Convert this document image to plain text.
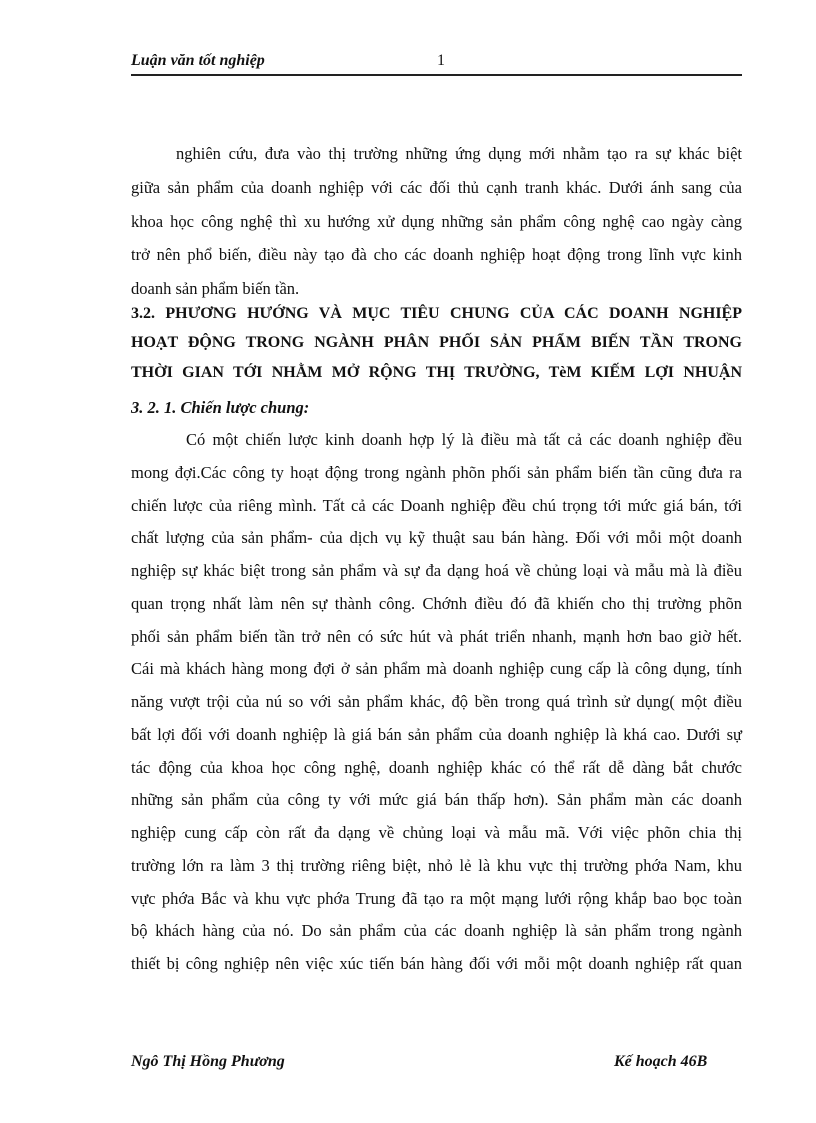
Luận văn tốt nghiệp	1
nghiên cứu, đưa vào thị trường những ứng dụng mới nhằm tạo ra sự khác biệt
giữa sản phẩm của doanh nghiệp với các đối thủ cạnh tranh khác. Dưới ánh sang của
khoa học công nghệ thì xu hướng xử dụng những sản phẩm công nghệ cao ngày càng
trở nên phổ biến, điều này tạo đà cho các doanh nghiệp hoạt động trong lĩnh vực kinh
doanh sản phẩm biến tần.
3.2. PHƯƠNG HƯỚNG VÀ MỤC TIÊU CHUNG CỦA CÁC DOANH NGHIỆP
HOẠT ĐỘNG TRONG NGÀNH PHÂN PHỐI SẢN PHẨM BIẾN TẦN TRONG
THỜI GIAN TỚI NHẰM MỞ RỘNG THỊ TRƯỜNG, TèM KIẾM LỢI NHUẬN
3. 2. 1. Chiến lược chung:
Có một chiến lược kinh doanh hợp lý là điều mà tất cả các doanh nghiệp đều
mong đợi.Các công ty hoạt động trong ngành phõn phối sản phẩm biến tần cũng đưa ra
chiến lược của riêng mình. Tất cả các Doanh nghiệp đều chú trọng tới mức giá bán, tới
chất lượng của sản phẩm- của dịch vụ kỹ thuật sau bán hàng. Đối với mỗi một doanh
nghiệp sự khác biệt trong sản phẩm và sự đa dạng hoá về chủng loại và mẫu mà là điều
quan trọng nhất làm nên sự thành công. Chớnh điều đó đã khiến cho thị trường phõn
phối sản phẩm biến tần trở nên có sức hút và phát triển nhanh, mạnh hơn bao giờ hết.
Cái mà khách hàng mong đợi ở sản phẩm mà doanh nghiệp cung cấp là công dụng, tính
năng vượt trội của nú so với sản phẩm khác, độ bền trong quá trình sử dụng( một điều
bất lợi đối với doanh nghiệp là giá bán sản phẩm của doanh nghiệp là khá cao. Dưới sự
tác động của khoa học công nghệ, doanh nghiệp khác có thể rất dễ dàng bắt chước
những sản phẩm của công ty với mức giá bán thấp hơn). Sản phẩm màn các doanh
nghiệp cung cấp còn rất đa dạng về chủng loại và mẫu mã. Với việc phõn chia thị
trường lớn ra làm 3 thị trường riêng biệt, nhỏ lẻ là khu vực thị trường phớa Nam, khu
vực phớa Bắc và khu vực phớa Trung đã tạo ra một mạng lưới rộng khắp bao bọc toàn
bộ khách hàng của nó. Do sản phẩm của các doanh nghiệp là sản phẩm trong ngành
thiết bị công nghiệp nên việc xúc tiến bán hàng đối với mỗi một doanh nghiệp rất quan
Ngô Thị Hồng Phương	Kế hoạch 46B
